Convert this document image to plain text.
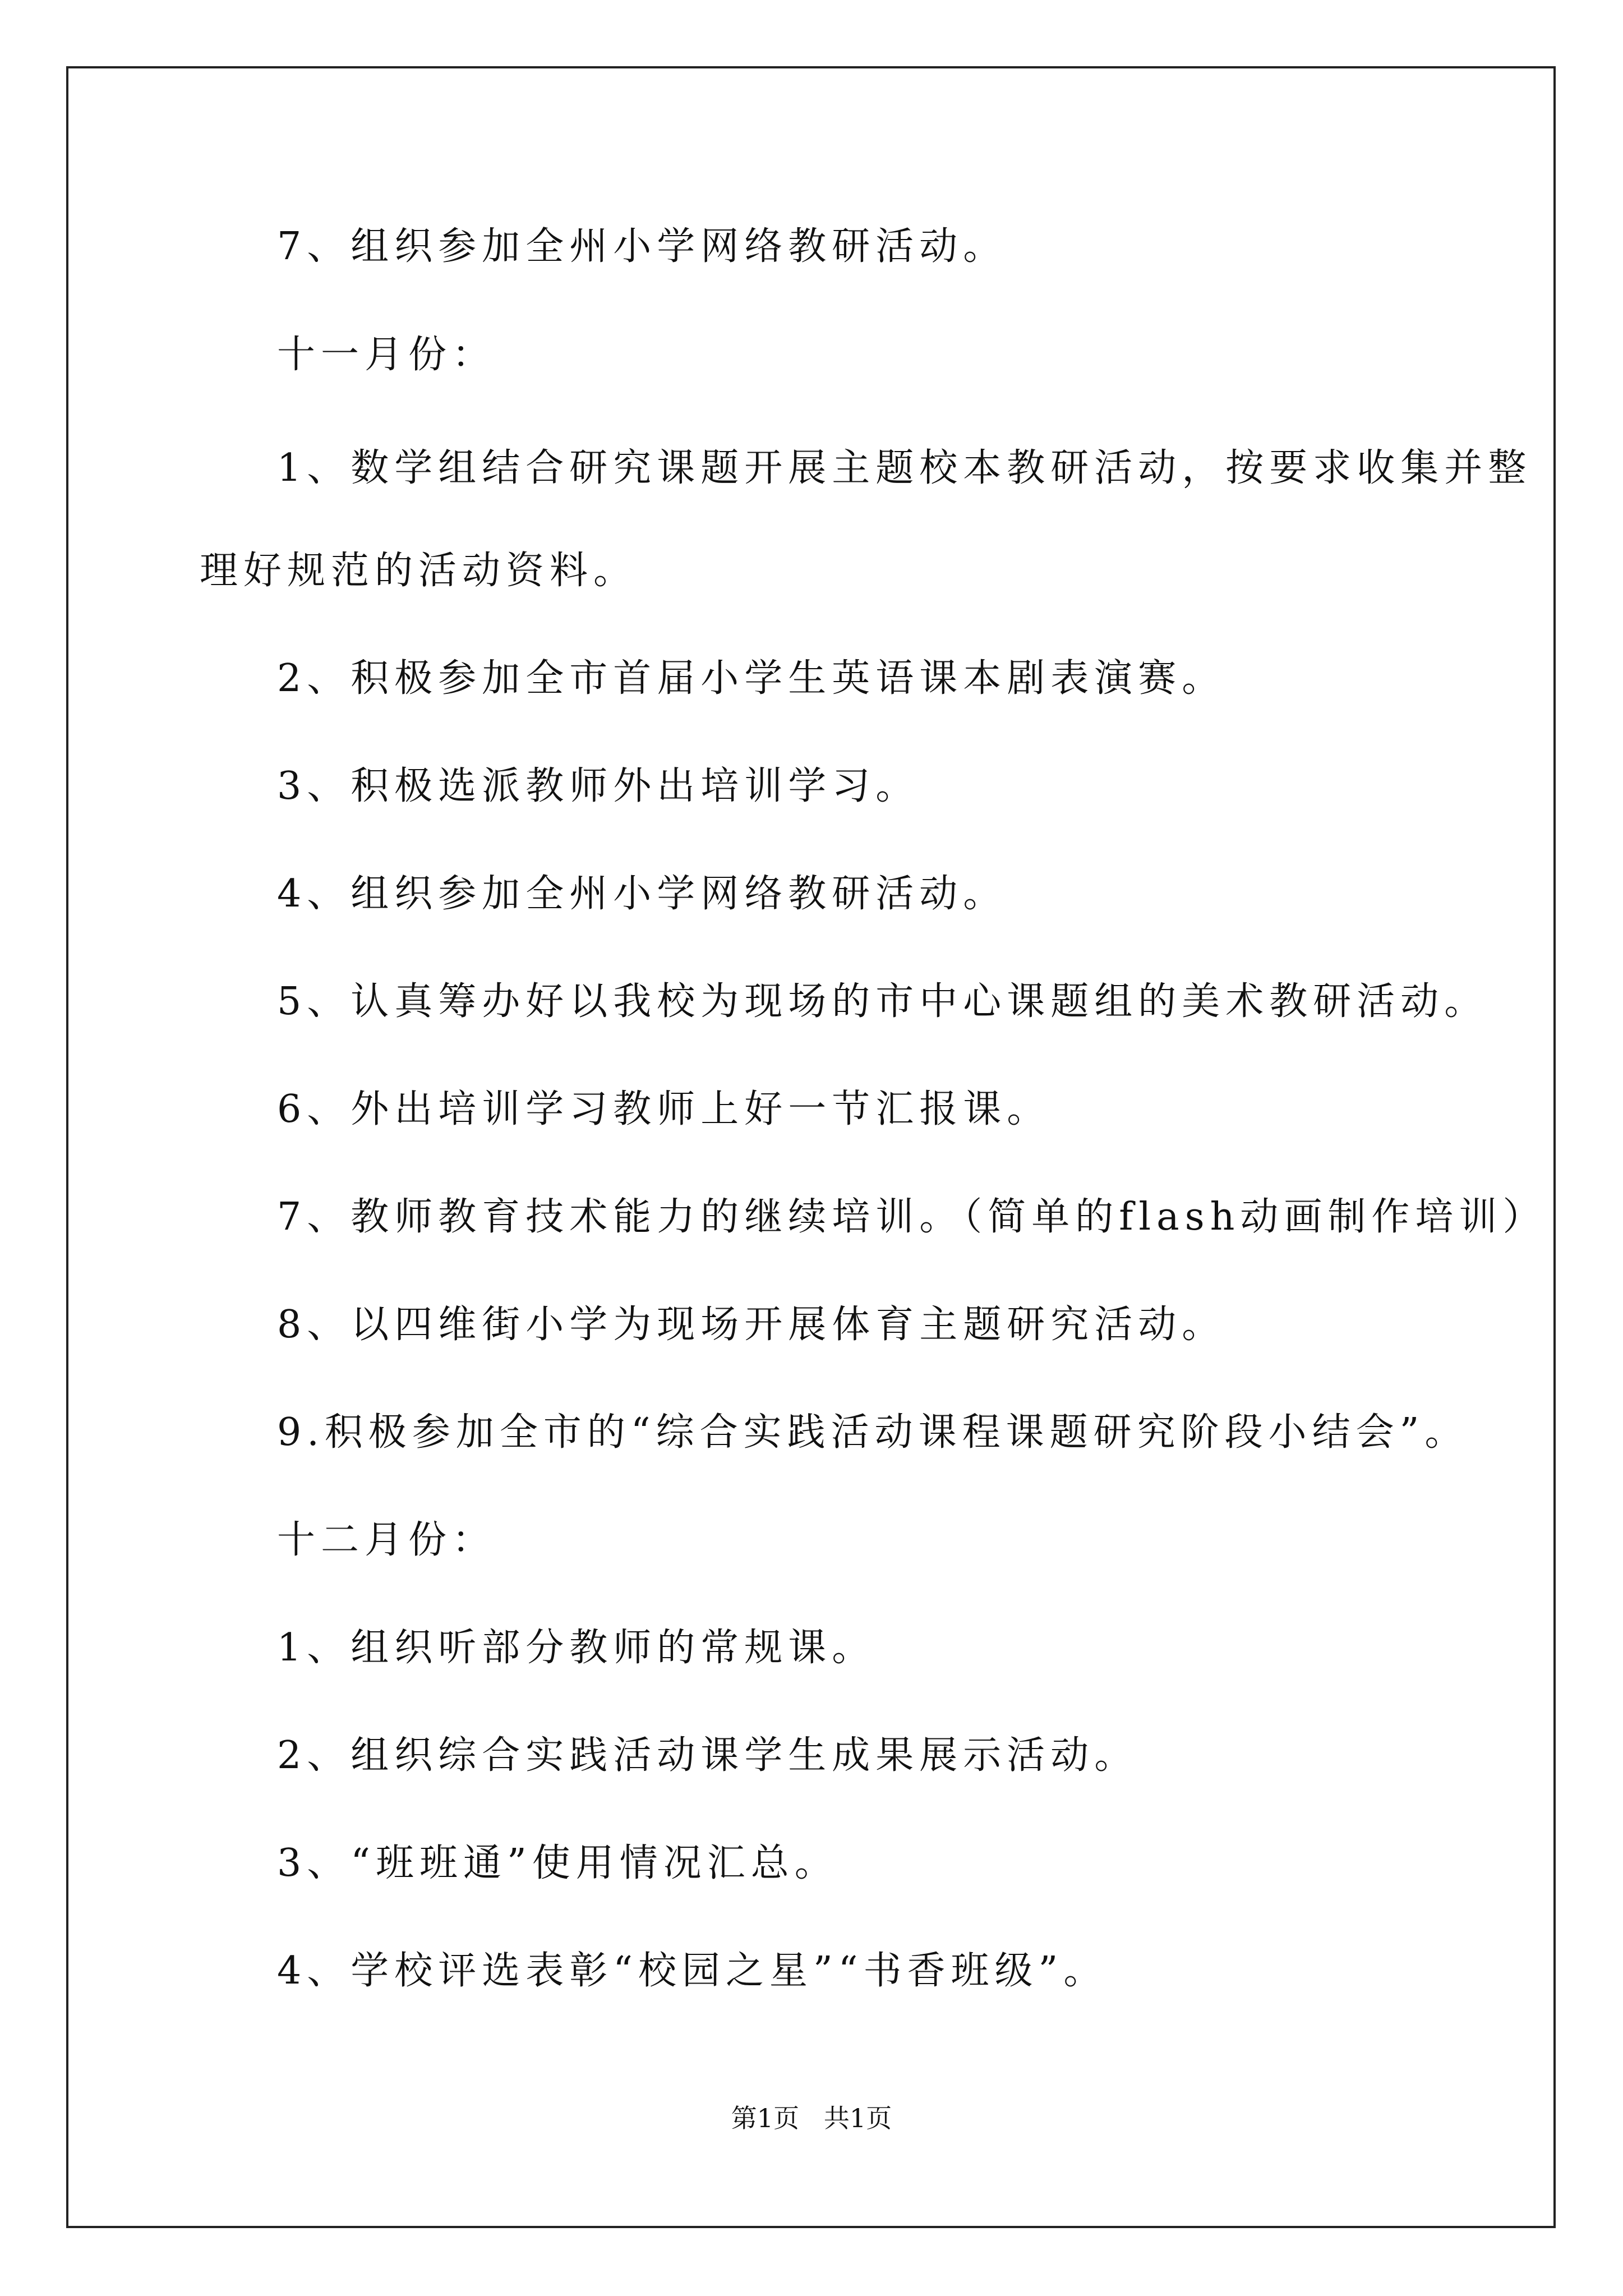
7、组织参加全州小学网络教研活动。
十一月份：
1、数学组结合研究课题开展主题校本教研活动，按要求收集并整
理好规范的活动资料。
2、积极参加全市首届小学生英语课本剧表演赛。
3、积极选派教师外出培训学习。
4、组织参加全州小学网络教研活动。
5、认真筹办好以我校为现场的市中心课题组的美术教研活动。
6、外出培训学习教师上好一节汇报课。
7、教师教育技术能力的继续培训。（简单的flash动画制作培训）
8、以四维街小学为现场开展体育主题研究活动。
9.积极参加全市的“综合实践活动课程课题研究阶段小结会”。
十二月份：
1、组织听部分教师的常规课。
2、组织综合实践活动课学生成果展示活动。
3、“班班通”使用情况汇总。
4、学校评选表彰“校园之星”“书香班级”。
第1页   共1页
